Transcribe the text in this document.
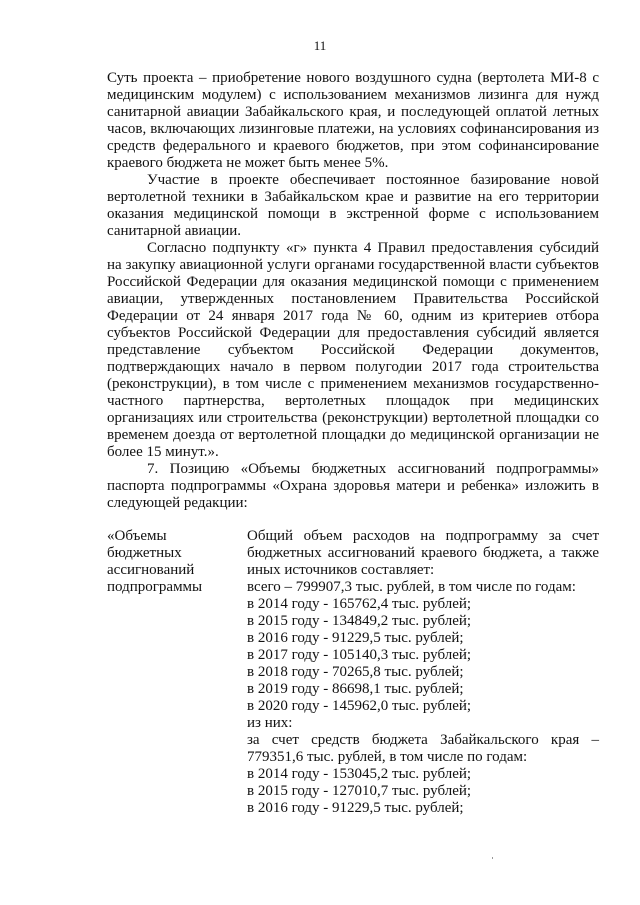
11

Суть проекта – приобретение нового воздушного судна (вертолета МИ-8 с медицинским модулем) с использованием механизмов лизинга для нужд санитарной авиации Забайкальского края, и последующей оплатой летных часов, включающих лизинговые платежи, на условиях софинансирования из средств федерального и краевого бюджетов, при этом софинансирование краевого бюджета не может быть менее 5%.

Участие в проекте обеспечивает постоянное базирование новой вертолетной техники в Забайкальском крае и развитие на его территории оказания медицинской помощи в экстренной форме с использованием санитарной авиации.

Согласно подпункту «г» пункта 4 Правил предоставления субсидий на закупку авиационной услуги органами государственной власти субъектов Российской Федерации для оказания медицинской помощи с применением авиации, утвержденных постановлением Правительства Российской Федерации от 24 января 2017 года № 60, одним из критериев отбора субъектов Российской Федерации для предоставления субсидий является представление субъектом Российской Федерации документов, подтверждающих начало в первом полугодии 2017 года строительства (реконструкции), в том числе с применением механизмов государственно-частного партнерства, вертолетных площадок при медицинских организациях или строительства (реконструкции) вертолетной площадки со временем доезда от вертолетной площадки до медицинской организации не более 15 минут.».

7. Позицию «Объемы бюджетных ассигнований подпрограммы» паспорта подпрограммы «Охрана здоровья матери и ребенка» изложить в следующей редакции:

«Объемы
бюджетных
ассигнований
подпрограммы

Общий объем расходов на подпрограмму за счет бюджетных ассигнований краевого бюджета, а также иных источников составляет:

всего – 799907,3 тыс. рублей, в том числе по годам:
в 2014 году - 165762,4 тыс. рублей;
в 2015 году - 134849,2 тыс. рублей;
в 2016 году - 91229,5 тыс. рублей;
в 2017 году - 105140,3 тыс. рублей;
в 2018 году - 70265,8 тыс. рублей;
в 2019 году - 86698,1 тыс. рублей;
в 2020 году - 145962,0 тыс. рублей;
из них:

за счет средств бюджета Забайкальского края – 779351,6 тыс. рублей, в том числе по годам:

в 2014 году - 153045,2 тыс. рублей;
в 2015 году - 127010,7 тыс. рублей;
в 2016 году - 91229,5 тыс. рублей;
